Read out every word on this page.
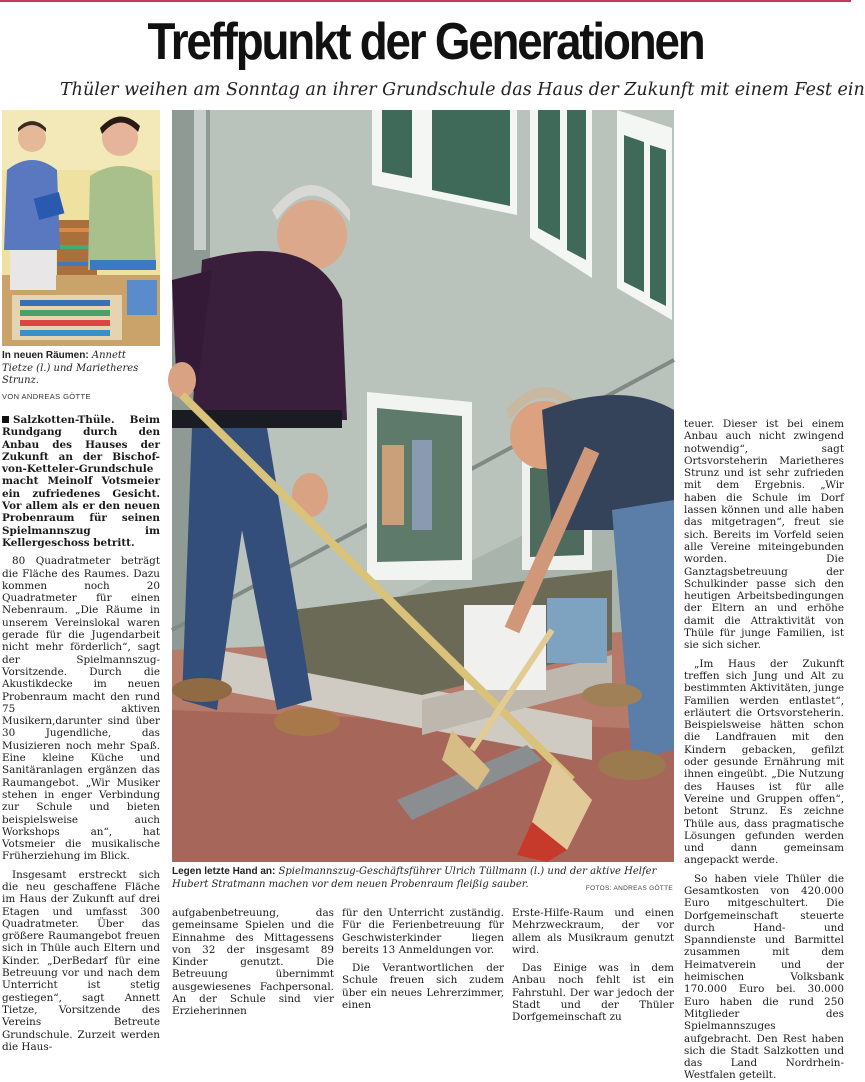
Treffpunkt der Generationen
Thüler weihen am Sonntag an ihrer Grundschule das Haus der Zukunft mit einem Fest ein
In neuen Räumen: Annett Tietze (l.) und Marietheres Strunz.
VON ANDREAS GÖTTE
Legen letzte Hand an: Spielmannszug-Geschäftsführer Ulrich Tüllmann (l.) und der aktive Helfer Hubert Stratmann machen vor dem neuen Probenraum fleißig sauber.	FOTOS: ANDREAS GÖTTE

Salzkotten-Thüle. Beim Rundgang durch den Anbau des Hauses der Zukunft an der Bischof-von-Ketteler-Grundschule macht Meinolf Votsmeier ein zufriedenes Gesicht. Vor allem als er den neuen Probenraum für seinen Spielmannszug im Kellergeschoss betritt.

80 Quadratmeter beträgt die Fläche des Raumes. Dazu kommen noch 20 Quadratmeter für einen Nebenraum. „Die Räume in unserem Vereinslokal waren gerade für die Jugendarbeit nicht mehr förderlich“, sagt der Spielmannszug-Vorsitzende. Durch die Akustikdecke im neuen Probenraum macht den rund 75 aktiven Musikern,darunter sind über 30 Jugendliche, das Musizieren noch mehr Spaß. Eine kleine Küche und Sanitäranlagen ergänzen das Raumangebot. „Wir Musiker stehen in enger Verbindung zur Schule und bieten beispielsweise auch Workshops an“, hat Votsmeier die musikalische Früherziehung im Blick.

Insgesamt erstreckt sich die neu geschaffene Fläche im Haus der Zukunft auf drei Etagen und umfasst 300 Quadratmeter. Über das größere Raumangebot freuen sich in Thüle auch Eltern und Kinder. „DerBedarf für eine Betreuung vor und nach dem Unterricht ist stetig gestiegen“, sagt Annett Tietze, Vorsitzende des Vereins Betreute Grundschule. Zurzeit werden die Haus-

aufgabenbetreuung, das gemeinsame Spielen und die Einnahme des Mittagessens von 32 der insgesamt 89 Kinder genutzt. Die Betreuung übernimmt ausgewiesenes Fachpersonal. An der Schule sind vier Erzieherinnen

für den Unterricht zuständig. Für die Ferienbetreuung für Geschwisterkinder liegen bereits 13 Anmeldungen vor.

Die Verantwortlichen der Schule freuen sich zudem über ein neues Lehrerzimmer, einen

Erste-Hilfe-Raum und einen Mehrzweckraum, der vor allem als Musikraum genutzt wird.

Das Einige was in dem Anbau noch fehlt ist ein Fahrstuhl. Der war jedoch der Stadt und der Thüler Dorfgemeinschaft zu

teuer. Dieser ist bei einem Anbau auch nicht zwingend notwendig“, sagt Ortsvorsteherin Marietheres Strunz und ist sehr zufrieden mit dem Ergebnis. „Wir haben die Schule im Dorf lassen können und alle haben das mitgetragen“, freut sie sich. Bereits im Vorfeld seien alle Vereine miteingebunden worden. Die Ganztagsbetreuung der Schulkinder passe sich den heutigen Arbeitsbedingungen der Eltern an und erhöhe damit die Attraktivität von Thüle für junge Familien, ist sie sich sicher.

„Im Haus der Zukunft treffen sich Jung und Alt zu bestimmten Aktivitäten, junge Familien werden entlastet“, erläutert die Ortsvorsteherin. Beispielsweise hätten schon die Landfrauen mit den Kindern gebacken, gefilzt oder gesunde Ernährung mit ihnen eingeübt. „Die Nutzung des Hauses ist für alle Vereine und Gruppen offen“, betont Strunz. Es zeichne Thüle aus, dass pragmatische Lösungen gefunden werden und dann gemeinsam angepackt werde.

So haben viele Thüler die Gesamtkosten von 420.000 Euro mitgeschultert. Die Dorfgemeinschaft steuerte durch Hand- und Spanndienste und Barmittel zusammen mit dem Heimatverein und der heimischen Volksbank 170.000 Euro bei. 30.000 Euro haben die rund 250 Mitglieder des Spielmannszuges aufgebracht. Den Rest haben sich die Stadt Salzkotten und das Land Nordrhein-Westfalen geteilt.
